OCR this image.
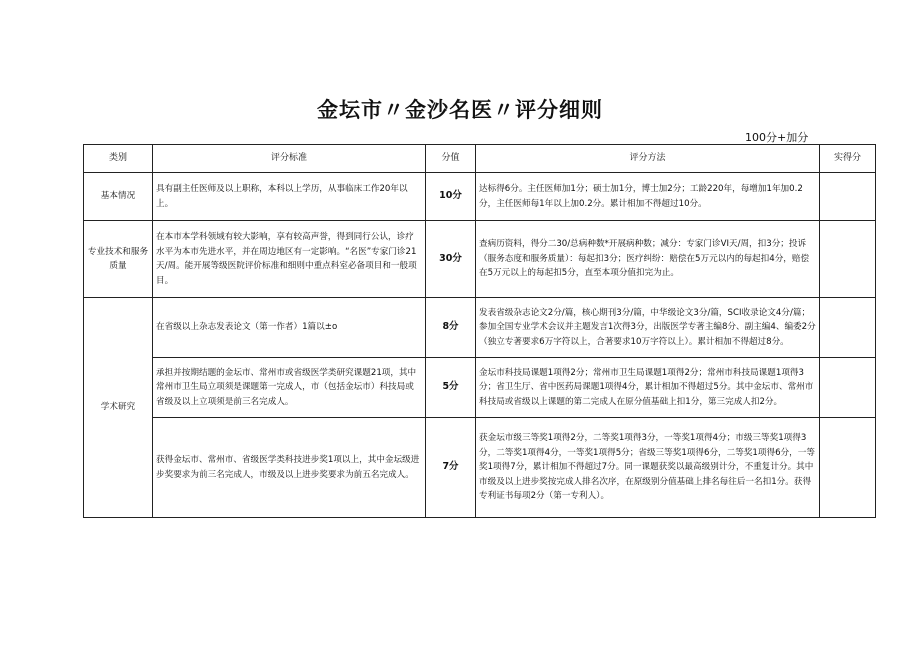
金坛市〃金沙名医〃评分细则
100分+加分
类别	评分标准	分值	评分方法	实得分
基本情况	具有副主任医师及以上职称，本科以上学历，从事临床工作20年以上。	10分	达标得6分。主任医师加1分；硕士加1分，博士加2分；工龄220年，每增加1年加0.2分，主任医师每1年以上加0.2分。累计相加不得超过10分。	
专业技术和服务质量	在本市本学科领域有较大影响，享有较高声誉，得到同行公认，诊疗水平为本市先进水平，并在周边地区有一定影响。“名医”专家门诊21天/周。能开展等级医院评价标准和细则中重点科室必备项目和一般项目。	30分	查病历资料，得分二30/总病种数*开展病种数；减分：专家门诊VI天/周，扣3分；投诉（服务态度和服务质量）：每起扣3分；医疗纠纷：赔偿在5万元以内的每起扣4分，赔偿在5万元以上的每起扣5分，直至本项分值扣完为止。	
学术研究	在省级以上杂志发表论文（第一作者）1篇以±o	8分	发表省级杂志论文2分/篇，核心期刊3分/篇，中华级论文3分/篇，SCI收录论文4分/篇；参加全国专业学术会议并主题发言1次得3分，出版医学专著主编8分、副主编4、编委2分（独立专著要求6万字符以上，合著要求10万字符以上）。累计相加不得超过8分。	
	承担并按期结题的金坛市、常州市或省级医学类研究课题21项，其中常州市卫生局立项须是课题第一完成人，市（包括金坛市）科技局或省级及以上立项须是前三名完成人。	5分	金坛市科技局课题1项得2分；常州市卫生局课题1项得2分；常州市科技局课题1项得3分；省卫生厅、省中医药局课题1项得4分，累计相加不得超过5分。其中金坛市、常州市科技局或省级以上课题的第二完成人在原分值基础上扣1分，第三完成人扣2分。	
	获得金坛市、常州市、省级医学类科技进步奖1项以上，其中金坛级进步奖要求为前三名完成人，市级及以上进步奖要求为前五名完成人。	7分	获金坛市级三等奖1项得2分，二等奖1项得3分，一等奖1项得4分；市级三等奖1项得3分，二等奖1项得4分，一等奖1项得5分；省级三等奖1项得6分，二等奖1项得6分，一等奖1项得7分，累计相加不得超过7分。同一课题获奖以最高级别计分，不重复计分。其中市级及以上进步奖按完成人排名次序，在原级别分值基础上排名每往后一名扣1分。获得专利证书每项2分（第一专利人）。	
